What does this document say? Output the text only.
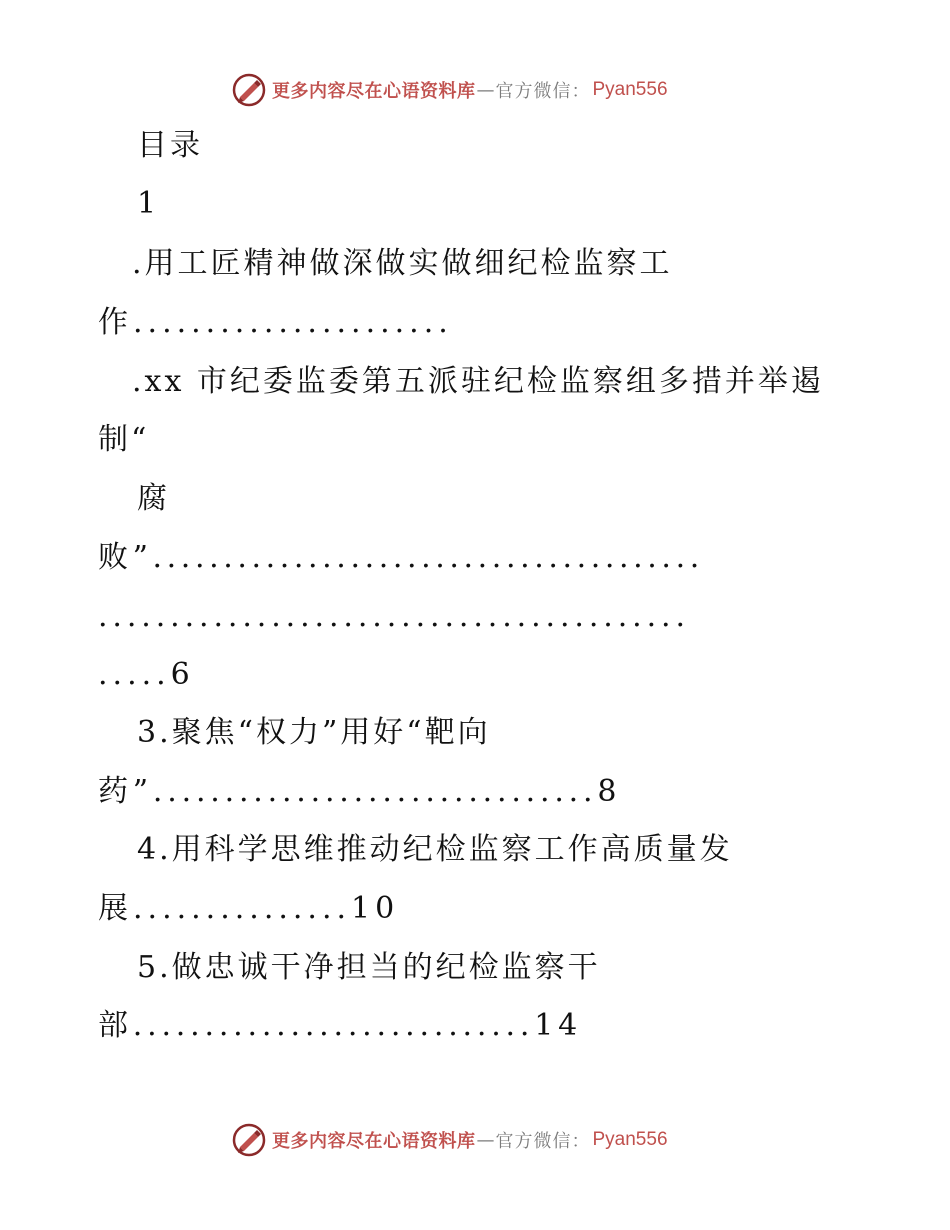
更多内容尽在心语资料库 — 官方微信： Pyan556
目录
1
.用工匠精神做深做实做细纪检监察工
作......................
.xx 市纪委监委第五派驻纪检监察组多措并举遏
制“
腐
败”.......................................
.........................................
.....6
3.聚焦“权力”用好“靶向
药”...............................8
4.用科学思维推动纪检监察工作高质量发
展...............10
5.做忠诚干净担当的纪检监察干
部............................14
更多内容尽在心语资料库 — 官方微信： Pyan556
